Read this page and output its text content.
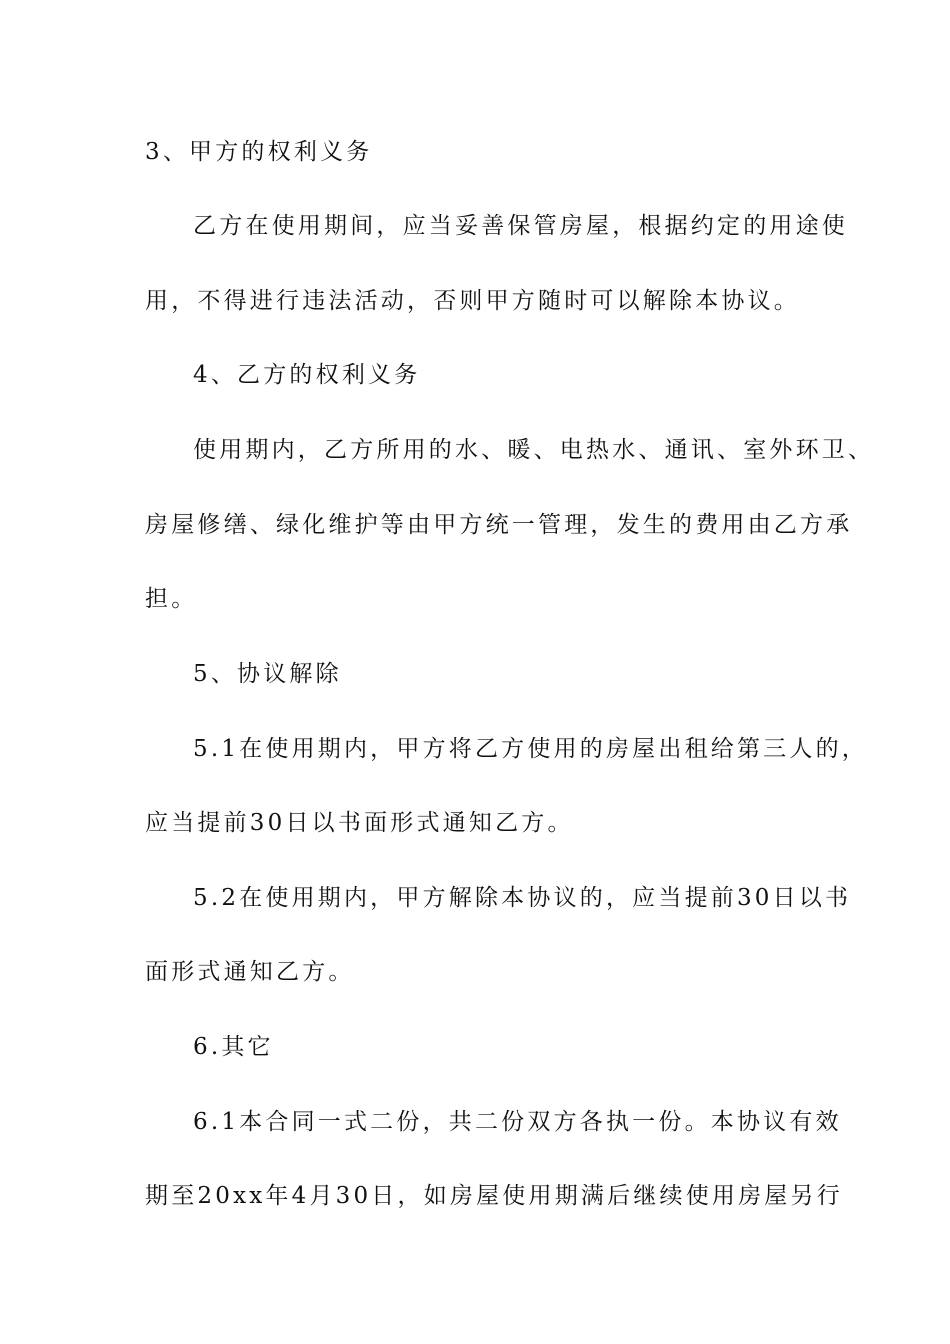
3、甲方的权利义务
乙方在使用期间，应当妥善保管房屋，根据约定的用途使
用，不得进行违法活动，否则甲方随时可以解除本协议。
4、乙方的权利义务
使用期内，乙方所用的水、暖、电热水、通讯、室外环卫、
房屋修缮、绿化维护等由甲方统一管理，发生的费用由乙方承
担。
5、协议解除
5.1在使用期内，甲方将乙方使用的房屋出租给第三人的，
应当提前30日以书面形式通知乙方。
5.2在使用期内，甲方解除本协议的，应当提前30日以书
面形式通知乙方。
6.其它
6.1本合同一式二份，共二份双方各执一份。本协议有效
期至20xx年4月30日，如房屋使用期满后继续使用房屋另行
